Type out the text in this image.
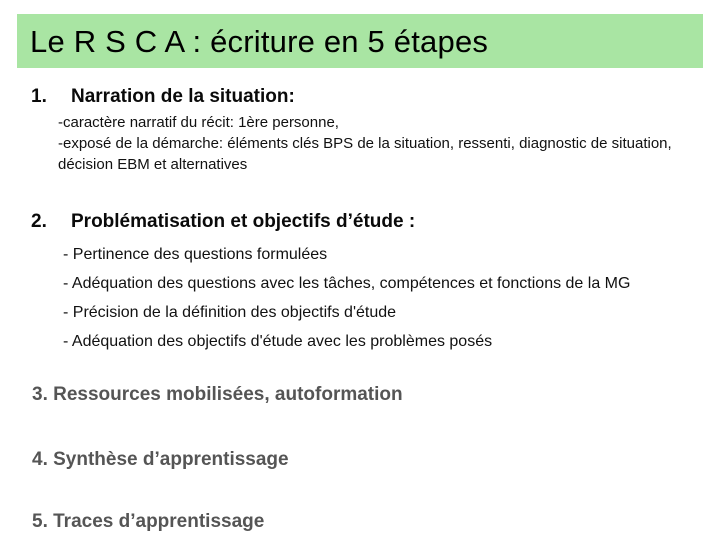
Le R S C A : écriture en 5 étapes
1. Narration de la situation:
-caractère narratif du récit: 1ère personne,
-exposé de la démarche: éléments clés BPS de la situation, ressenti, diagnostic de situation, décision EBM et alternatives
2. Problématisation et objectifs d’étude :
- Pertinence des questions formulées
- Adéquation des questions avec les tâches, compétences et fonctions de la MG
- Précision de la définition des objectifs d'étude
- Adéquation des objectifs d'étude avec les problèmes posés
3. Ressources mobilisées, autoformation
4. Synthèse d’apprentissage
5. Traces d’apprentissage
